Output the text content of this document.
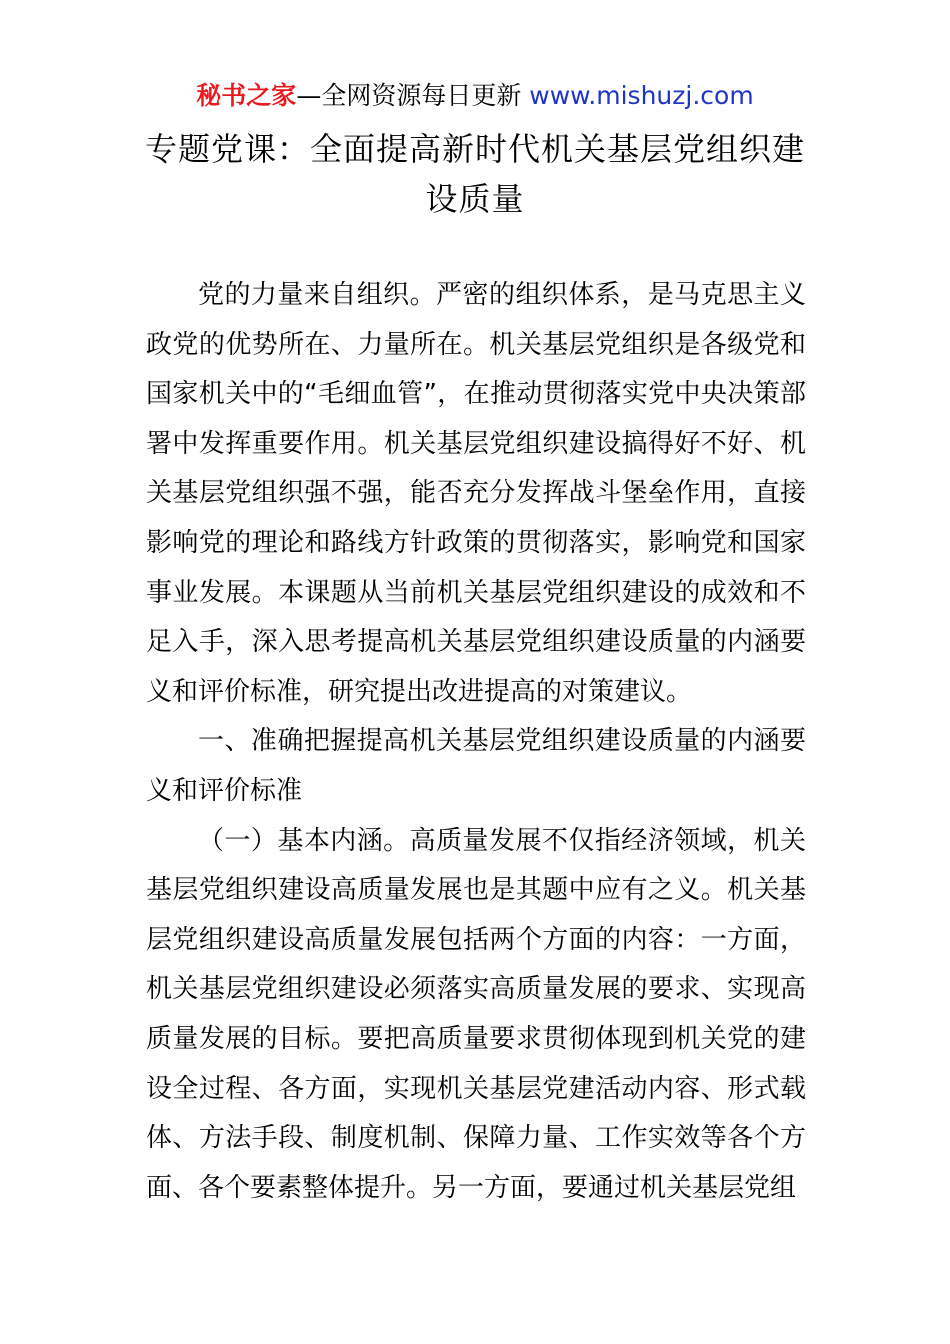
秘书之家—全网资源每日更新 www.mishuzj.com
专题党课：全面提高新时代机关基层党组织建设质量

党的力量来自组织。严密的组织体系，是马克思主义政党的优势所在、力量所在。机关基层党组织是各级党和国家机关中的“毛细血管”，在推动贯彻落实党中央决策部署中发挥重要作用。机关基层党组织建设搞得好不好、机关基层党组织强不强，能否充分发挥战斗堡垒作用，直接影响党的理论和路线方针政策的贯彻落实，影响党和国家事业发展。本课题从当前机关基层党组织建设的成效和不足入手，深入思考提高机关基层党组织建设质量的内涵要义和评价标准，研究提出改进提高的对策建议。

一、准确把握提高机关基层党组织建设质量的内涵要义和评价标准

（一）基本内涵。高质量发展不仅指经济领域，机关基层党组织建设高质量发展也是其题中应有之义。机关基层党组织建设高质量发展包括两个方面的内容：一方面，机关基层党组织建设必须落实高质量发展的要求、实现高质量发展的目标。要把高质量要求贯彻体现到机关党的建设全过程、各方面，实现机关基层党建活动内容、形式载体、方法手段、制度机制、保障力量、工作实效等各个方面、各个要素整体提升。另一方面，要通过机关基层党组
